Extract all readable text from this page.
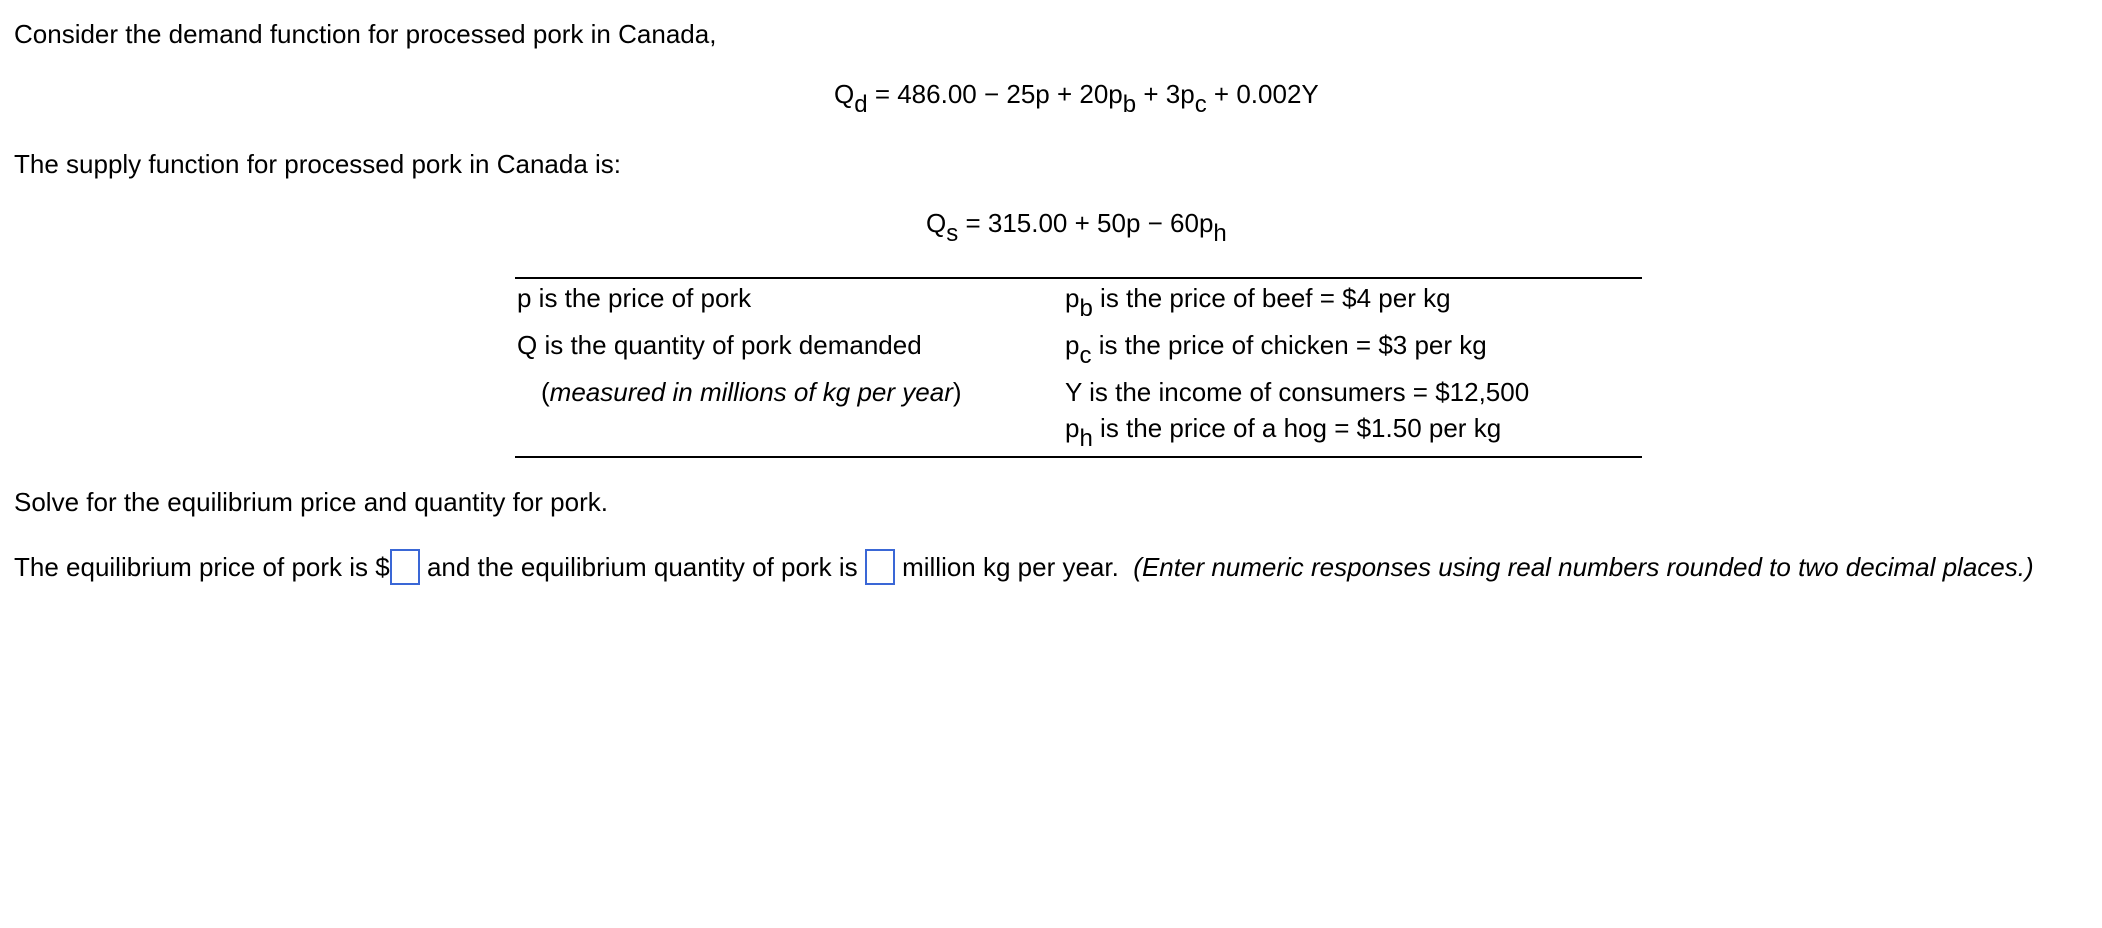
Consider the demand function for processed pork in Canada,
Qd = 486.00 − 25p + 20pb + 3pc + 0.002Y
The supply function for processed pork in Canada is:
Qs = 315.00 + 50p − 60ph
p is the price of pork
Q is the quantity of pork demanded
(measured in millions of kg per year)
pb is the price of beef = $4 per kg
pc is the price of chicken = $3 per kg
Y is the income of consumers = $12,500
ph is the price of a hog = $1.50 per kg
Solve for the equilibrium price and quantity for pork.
The equilibrium price of pork is $ and the equilibrium quantity of pork is  million kg per year. (Enter numeric responses using real numbers rounded to two decimal places.)
